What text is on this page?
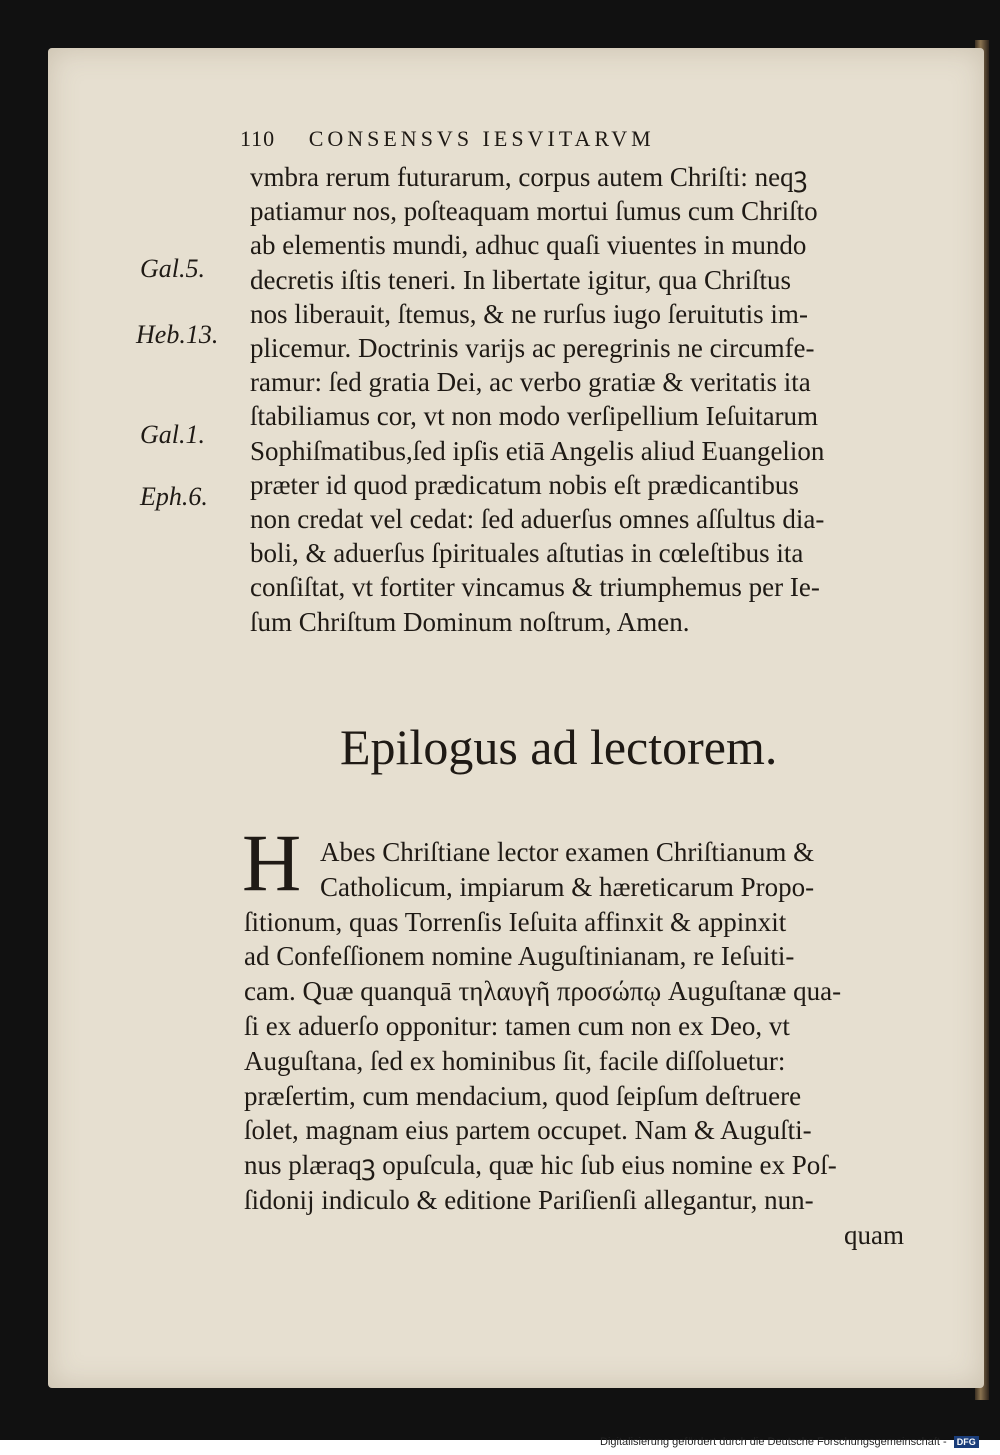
110 CONSENSVS IESVITARVM
Gal.5.
Heb.13.
Gal.1.
Eph.6.
vmbra rerum futurarum, corpus autem Chriſti: neqꝫ
patiamur nos, poſteaquam mortui ſumus cum Chriſto
ab elementis mundi, adhuc quaſi viuentes in mundo
decretis iſtis teneri. In libertate igitur, qua Chriſtus
nos liberauit, ſtemus, & ne rurſus iugo ſeruitutis im-
plicemur. Doctrinis varijs ac peregrinis ne circumfe-
ramur: ſed gratia Dei, ac verbo gratiæ & veritatis ita
ſtabiliamus cor, vt non modo verſipellium Ieſuitarum
Sophiſmatibus,ſed ipſis etiā Angelis aliud Euangelion
præter id quod prædicatum nobis eſt prædicantibus
non credat vel cedat: ſed aduerſus omnes aſſultus dia-
boli, & aduerſus ſpirituales aſtutias in cœleſtibus ita
conſiſtat, vt fortiter vincamus & triumphemus per Ie-
ſum Chriſtum Dominum noſtrum, Amen.
Epilogus ad lectorem.
H Abes Chriſtiane lector examen Chriſtianum &
Catholicum, impiarum & hæreticarum Propo-
ſitionum, quas Torrenſis Ieſuita affinxit & appinxit
ad Confeſſionem nomine Auguſtinianam, re Ieſuiti-
cam. Quæ quanquā τηλαυγῆ προσώπῳ Auguſtanæ qua-
ſi ex aduerſo opponitur: tamen cum non ex Deo, vt
Auguſtana, ſed ex hominibus ſit, facile diſſoluetur:
præſertim, cum mendacium, quod ſeipſum deſtruere
ſolet, magnam eius partem occupet. Nam & Auguſti-
nus plæraqꝫ opuſcula, quæ hic ſub eius nomine ex Poſ-
ſidonij indiculo & editione Pariſienſi allegantur, nun-
quam
Digitalisierung gefördert durch die Deutsche Forschungsgemeinschaft - DFG
